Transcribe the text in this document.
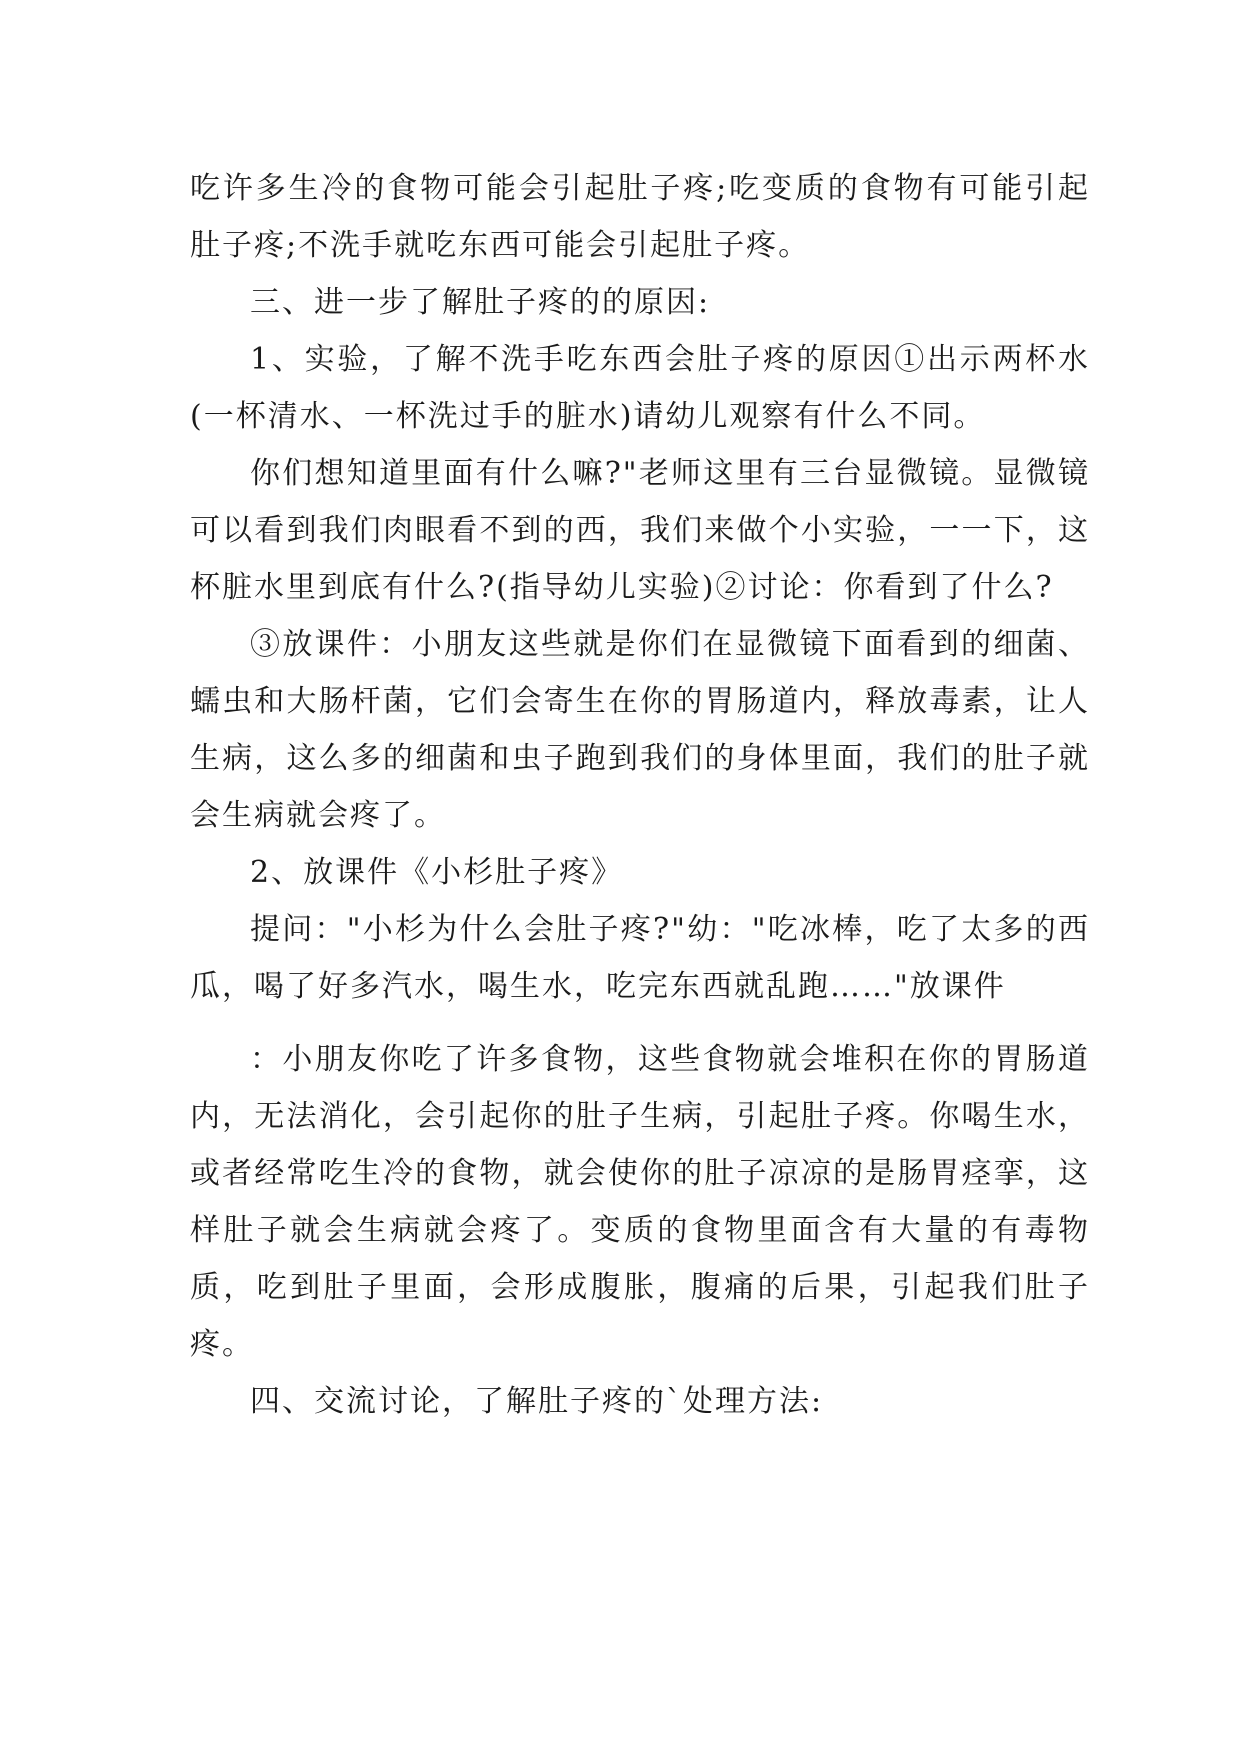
吃许多生冷的食物可能会引起肚子疼;吃变质的食物有可能引起肚子疼;不洗手就吃东西可能会引起肚子疼。

三、进一步了解肚子疼的的原因:

1、实验，了解不洗手吃东西会肚子疼的原因①出示两杯水(一杯清水、一杯洗过手的脏水)请幼儿观察有什么不同。

你们想知道里面有什么嘛?"老师这里有三台显微镜。显微镜可以看到我们肉眼看不到的西，我们来做个小实验，一一下，这杯脏水里到底有什么?(指导幼儿实验)②讨论：你看到了什么?

③放课件：小朋友这些就是你们在显微镜下面看到的细菌、蠕虫和大肠杆菌，它们会寄生在你的胃肠道内，释放毒素，让人生病，这么多的细菌和虫子跑到我们的身体里面，我们的肚子就会生病就会疼了。

2、放课件《小杉肚子疼》

提问："小杉为什么会肚子疼?"幼："吃冰棒，吃了太多的西瓜，喝了好多汽水，喝生水，吃完东西就乱跑……"放课件

：小朋友你吃了许多食物，这些食物就会堆积在你的胃肠道内，无法消化，会引起你的肚子生病，引起肚子疼。你喝生水，或者经常吃生冷的食物，就会使你的肚子凉凉的是肠胃痉挛，这样肚子就会生病就会疼了。变质的食物里面含有大量的有毒物质，吃到肚子里面，会形成腹胀，腹痛的后果，引起我们肚子疼。

四、交流讨论，了解肚子疼的`处理方法:
